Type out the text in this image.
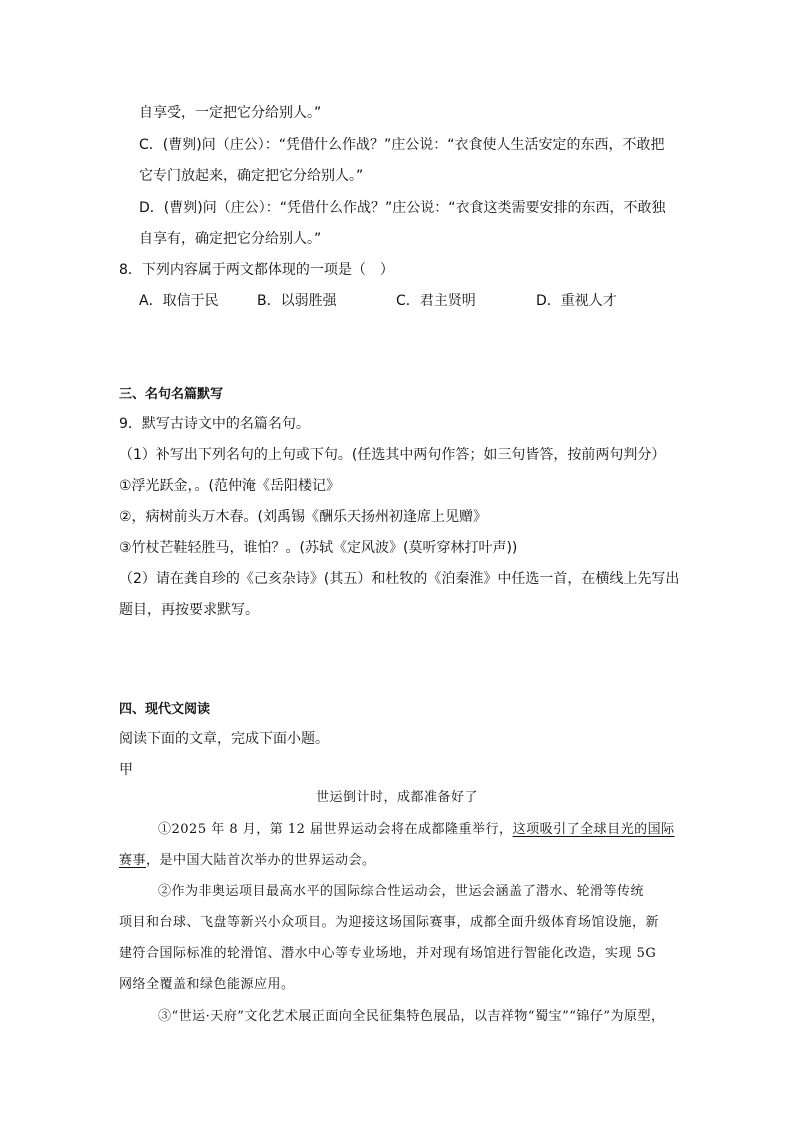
自享受，一定把它分给别人。”
C．(曹刿)问（庄公）：“凭借什么作战？”庄公说：“衣食使人生活安定的东西，不敢把
它专门放起来，确定把它分给别人。”
D．(曹刿)问（庄公）：“凭借什么作战？”庄公说：“衣食这类需要安排的东西，不敢独
自享有，确定把它分给别人。”
8．下列内容属于两文都体现的一项是（　）
A．取信于民	B．以弱胜强	C．君主贤明	D．重视人才
三、名句名篇默写
9．默写古诗文中的名篇名句。
（1）补写出下列名句的上句或下句。(任选其中两句作答；如三句皆答，按前两句判分）
①浮光跃金，。(范仲淹《岳阳楼记》
②，病树前头万木春。(刘禹锡《酬乐天扬州初逢席上见赠》
③竹杖芒鞋轻胜马，谁怕？。(苏轼《定风波》(莫听穿林打叶声))
（2）请在龚自珍的《己亥杂诗》(其五）和杜牧的《泊秦淮》中任选一首，在横线上先写出
题目，再按要求默写。
四、现代文阅读
阅读下面的文章，完成下面小题。
甲
世运倒计时，成都准备好了
①2025 年 8 月，第 12 届世界运动会将在成都隆重举行，这项吸引了全球目光的国际
赛事，是中国大陆首次举办的世界运动会。
②作为非奥运项目最高水平的国际综合性运动会，世运会涵盖了潜水、轮滑等传统
项目和台球、飞盘等新兴小众项目。为迎接这场国际赛事，成都全面升级体育场馆设施，新
建符合国际标准的轮滑馆、潜水中心等专业场地，并对现有场馆进行智能化改造，实现 5G
网络全覆盖和绿色能源应用。
③“世运·天府”文化艺术展正面向全民征集特色展品，以吉祥物“蜀宝”“锦仔”为原型，
